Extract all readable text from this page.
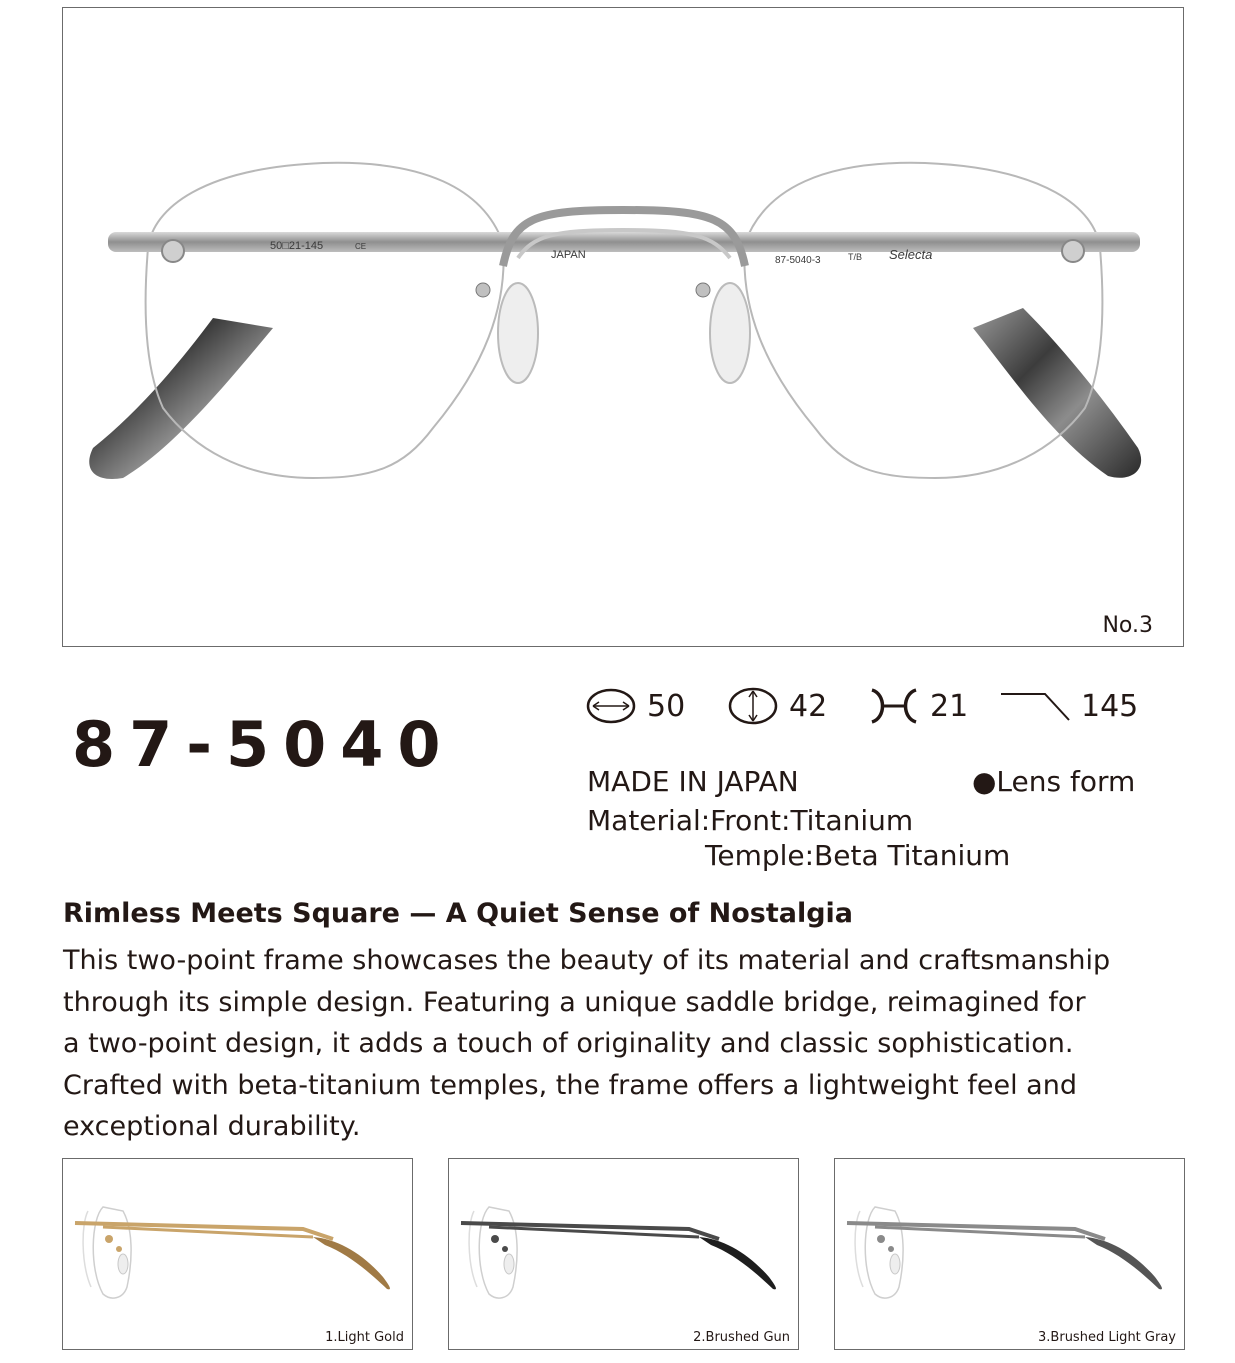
50□21-145	CE
JAPAN	87-5040-3	T/B Selecta
No.3
87-5040
50	42	21	145
MADE IN JAPAN	●Lens form
Material:Front:Titanium
Temple:Beta Titanium
Rimless Meets Square — A Quiet Sense of Nostalgia
This two-point frame showcases the beauty of its material and craftsmanship
through its simple design. Featuring a unique saddle bridge, reimagined for
a two-point design, it adds a touch of originality and classic sophistication.
Crafted with beta-titanium temples, the frame offers a lightweight feel and
exceptional durability.
1.Light Gold	2.Brushed Gun	3.Brushed Light Gray
